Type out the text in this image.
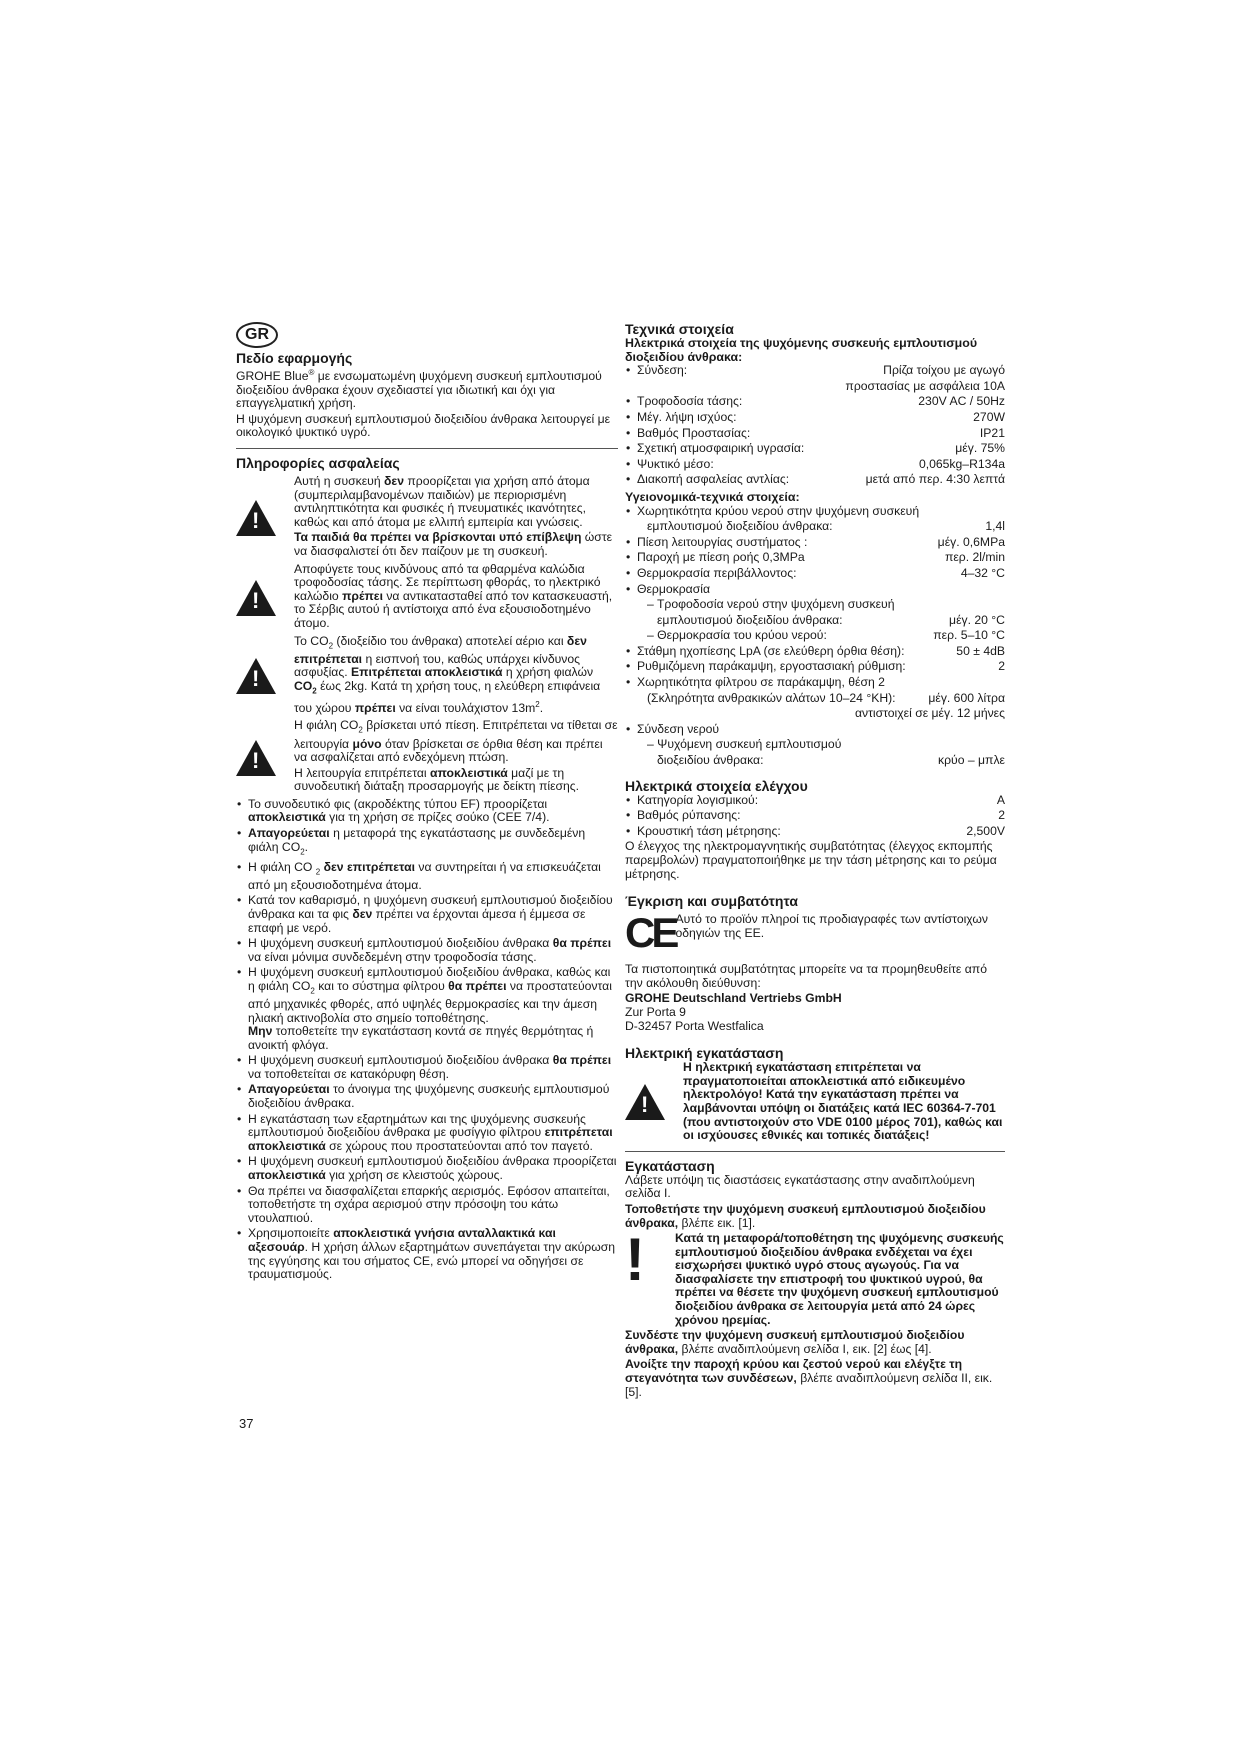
GR
Πεδίο εφαρμογής

GROHE Blue® με ενσωματωμένη ψυχόμενη συσκευή εμπλουτισμού διοξειδίου άνθρακα έχουν σχεδιαστεί για ιδιωτική και όχι για επαγγελματική χρήση.

Η ψυχόμενη συσκευή εμπλουτισμού διοξειδίου άνθρακα λειτουργεί με οικολογικό ψυκτικό υγρό.

Πληροφορίες ασφαλείας
!

Αυτή η συσκευή δεν προορίζεται για χρήση από άτομα (συμπεριλαμβανομένων παιδιών) με περιορισμένη αντιληπτικότητα και φυσικές ή πνευματικές ικανότητες, καθώς και από άτομα με ελλιπή εμπειρία και γνώσεις.

Τα παιδιά θα πρέπει να βρίσκονται υπό επίβλεψη ώστε να διασφαλιστεί ότι δεν παίζουν με τη συσκευή.

!

Αποφύγετε τους κινδύνους από τα φθαρμένα καλώδια τροφοδοσίας τάσης. Σε περίπτωση φθοράς, το ηλεκτρικό καλώδιο πρέπει να αντικατασταθεί από τον κατασκευαστή, το Σέρβις αυτού ή αντίστοιχα από ένα εξουσιοδοτημένο άτομο.

!

Το $CO_2$ (διοξείδιο του άνθρακα) αποτελεί αέριο και δεν επιτρέπεται η εισπνοή του, καθώς υπάρχει κίνδυνος ασφυξίας. Επιτρέπεται αποκλειστικά η χρήση φιαλών $CO_2$ έως 2kg. Κατά τη χρήση τους, η ελεύθερη επιφάνεια του χώρου πρέπει να είναι τουλάχιστον $13m^2$.

!

Η φιάλη $CO_2$ βρίσκεται υπό πίεση. Επιτρέπεται να τίθεται σε λειτουργία μόνο όταν βρίσκεται σε όρθια θέση και πρέπει να ασφαλίζεται από ενδεχόμενη πτώση.

Η λειτουργία επιτρέπεται αποκλειστικά μαζί με τη συνοδευτική διάταξη προσαρμογής με δείκτη πίεσης.

• Το συνοδευτικό φις (ακροδέκτης τύπου EF) προορίζεται αποκλειστικά για τη χρήση σε πρίζες σούκο (CEE 7/4).
• Απαγορεύεται η μεταφορά της εγκατάστασης με συνδεδεμένη φιάλη $CO_2$.
• Η φιάλη CO $_2$ δεν επιτρέπεται να συντηρείται ή να επισκευάζεται από μη εξουσιοδοτημένα άτομα.
• Κατά τον καθαρισμό, η ψυχόμενη συσκευή εμπλουτισμού διοξειδίου άνθρακα και τα φις δεν πρέπει να έρχονται άμεσα ή έμμεσα σε επαφή με νερό.
• Η ψυχόμενη συσκευή εμπλουτισμού διοξειδίου άνθρακα θα πρέπει να είναι μόνιμα συνδεδεμένη στην τροφοδοσία τάσης.
• Η ψυχόμενη συσκευή εμπλουτισμού διοξειδίου άνθρακα, καθώς και η φιάλη $CO_2$ και το σύστημα φίλτρου θα πρέπει να προστατεύονται από μηχανικές φθορές, από υψηλές θερμοκρασίες και την άμεση ηλιακή ακτινοβολία στο σημείο τοποθέτησης.
Μην τοποθετείτε την εγκατάσταση κοντά σε πηγές θερμότητας ή ανοικτή φλόγα.
• Η ψυχόμενη συσκευή εμπλουτισμού διοξειδίου άνθρακα θα πρέπει να τοποθετείται σε κατακόρυφη θέση.
• Απαγορεύεται το άνοιγμα της ψυχόμενης συσκευής εμπλουτισμού διοξειδίου άνθρακα.
• Η εγκατάσταση των εξαρτημάτων και της ψυχόμενης συσκευής εμπλουτισμού διοξειδίου άνθρακα με φυσίγγιο φίλτρου επιτρέπεται αποκλειστικά σε χώρους που προστατεύονται από τον παγετό.
• Η ψυχόμενη συσκευή εμπλουτισμού διοξειδίου άνθρακα προορίζεται αποκλειστικά για χρήση σε κλειστούς χώρους.
• Θα πρέπει να διασφαλίζεται επαρκής αερισμός. Εφόσον απαιτείται, τοποθετήστε τη σχάρα αερισμού στην πρόσοψη του κάτω ντουλαπιού.
• Χρησιμοποιείτε αποκλειστικά γνήσια ανταλλακτικά και αξεσουάρ. Η χρήση άλλων εξαρτημάτων συνεπάγεται την ακύρωση της εγγύησης και του σήματος CE, ενώ μπορεί να οδηγήσει σε τραυματισμούς.
Τεχνικά στοιχεία
Ηλεκτρικά στοιχεία της ψυχόμενης συσκευής εμπλουτισμού διοξειδίου άνθρακα:
• Σύνδεση:	Πρίζα τοίχου με αγωγό
προστασίας με ασφάλεια 10A
• Τροφοδοσία τάσης:	230V AC / 50Hz
• Μέγ. λήψη ισχύος:	270W
• Βαθμός Προστασίας:	IP21
• Σχετική ατμοσφαιρική υγρασία:	μέγ. 75%
• Ψυκτικό μέσο:	0,065kg–R134a
• Διακοπή ασφαλείας αντλίας:	μετά από περ. 4:30 λεπτά
Υγειονομικά-τεχνικά στοιχεία:
• Χωρητικότητα κρύου νερού στην ψυχόμενη συσκευή
εμπλουτισμού διοξειδίου άνθρακα:	1,4l
• Πίεση λειτουργίας συστήματος :	μέγ. 0,6MPa
• Παροχή με πίεση ροής 0,3MPa	περ. 2l/min
• Θερμοκρασία περιβάλλοντος:	4–32 °C
• Θερμοκρασία
– Τροφοδοσία νερού στην ψυχόμενη συσκευή
εμπλουτισμού διοξειδίου άνθρακα:	μέγ. 20 °C
– Θερμοκρασία του κρύου νερού:	περ. 5–10 °C
• Στάθμη ηχοπίεσης LpA (σε ελεύθερη όρθια θέση):	50 ± 4dB
• Ρυθμιζόμενη παράκαμψη, εργοστασιακή ρύθμιση:	2
• Χωρητικότητα φίλτρου σε παράκαμψη, θέση 2
(Σκληρότητα ανθρακικών αλάτων 10–24 °KH):	μέγ. 600 λίτρα
αντιστοιχεί σε μέγ. 12 μήνες
• Σύνδεση νερού
– Ψυχόμενη συσκευή εμπλουτισμού
διοξειδίου άνθρακα:	κρύο – μπλε
Ηλεκτρικά στοιχεία ελέγχου
• Κατηγορία λογισμικού:	A
• Βαθμός ρύπανσης:	2
• Κρουστική τάση μέτρησης:	2,500V

Ο έλεγχος της ηλεκτρομαγνητικής συμβατότητας (έλεγχος εκπομπής παρεμβολών) πραγματοποιήθηκε με την τάση μέτρησης και το ρεύμα μέτρησης.

Έγκριση και συμβατότητα
CE Αυτό το προϊόν πληροί τις προδιαγραφές των αντίστοιχων οδηγιών της ΕΕ.

Τα πιστοποιητικά συμβατότητας μπορείτε να τα προμηθευθείτε από την ακόλουθη διεύθυνση:

GROHE Deutschland Vertriebs GmbH

Zur Porta 9

D-32457 Porta Westfalica

Ηλεκτρική εγκατάσταση
!
Η ηλεκτρική εγκατάσταση επιτρέπεται να πραγματοποιείται αποκλειστικά από ειδικευμένο ηλεκτρολόγο! Κατά την εγκατάσταση πρέπει να λαμβάνονται υπόψη οι διατάξεις κατά IEC 60364-7-701 (που αντιστοιχούν στο VDE 0100 μέρος 701), καθώς και οι ισχύουσες εθνικές και τοπικές διατάξεις!
Εγκατάσταση

Λάβετε υπόψη τις διαστάσεις εγκατάστασης στην αναδιπλούμενη σελίδα I.

Τοποθετήστε την ψυχόμενη συσκευή εμπλουτισμού διοξειδίου άνθρακα, βλέπε εικ. [1].

!	Κατά τη μεταφορά/τοποθέτηση της ψυχόμενης συσκευής εμπλουτισμού διοξειδίου άνθρακα ενδέχεται να έχει εισχωρήσει ψυκτικό υγρό στους αγωγούς. Για να διασφαλίσετε την επιστροφή του ψυκτικού υγρού, θα πρέπει να θέσετε την ψυχόμενη συσκευή εμπλουτισμού διοξειδίου άνθρακα σε λειτουργία μετά από 24 ώρες χρόνου ηρεμίας.

Συνδέστε την ψυχόμενη συσκευή εμπλουτισμού διοξειδίου άνθρακα, βλέπε αναδιπλούμενη σελίδα I, εικ. [2] έως [4].

Ανοίξτε την παροχή κρύου και ζεστού νερού και ελέγξτε τη στεγανότητα των συνδέσεων, βλέπε αναδιπλούμενη σελίδα II, εικ. [5].

37
